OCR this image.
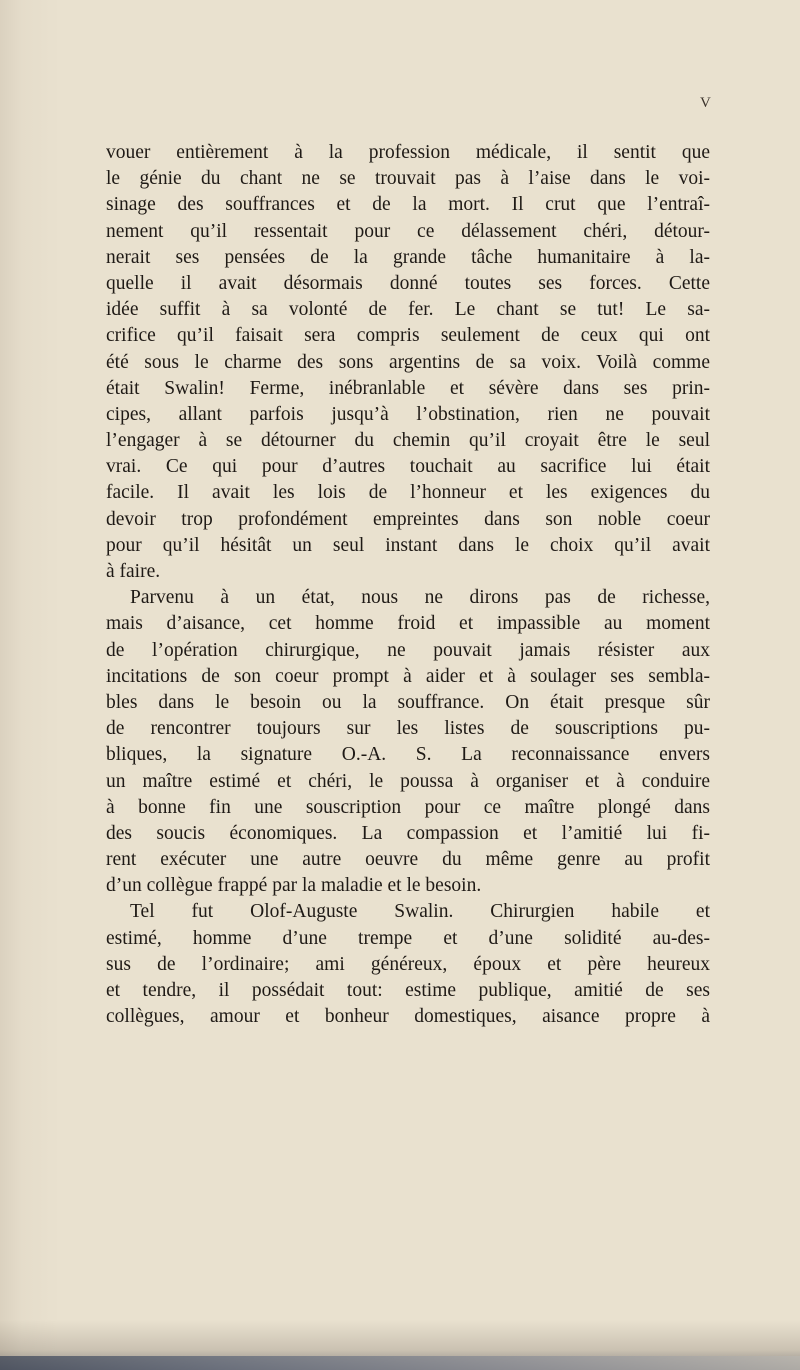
V
vouer entièrement à la profession médicale, il sentit que
le génie du chant ne se trouvait pas à l’aise dans le voi-
sinage des souffrances et de la mort. Il crut que l’entraî-
nement qu’il ressentait pour ce délassement chéri, détour-
nerait ses pensées de la grande tâche humanitaire à la-
quelle il avait désormais donné toutes ses forces. Cette
idée suffit à sa volonté de fer. Le chant se tut! Le sa-
crifice qu’il faisait sera compris seulement de ceux qui ont
été sous le charme des sons argentins de sa voix. Voilà comme
était Swalin! Ferme, inébranlable et sévère dans ses prin-
cipes, allant parfois jusqu’à l’obstination, rien ne pouvait
l’engager à se détourner du chemin qu’il croyait être le seul
vrai. Ce qui pour d’autres touchait au sacrifice lui était
facile. Il avait les lois de l’honneur et les exigences du
devoir trop profondément empreintes dans son noble coeur
pour qu’il hésitât un seul instant dans le choix qu’il avait
à faire.
Parvenu à un état, nous ne dirons pas de richesse,
mais d’aisance, cet homme froid et impassible au moment
de l’opération chirurgique, ne pouvait jamais résister aux
incitations de son coeur prompt à aider et à soulager ses sembla-
bles dans le besoin ou la souffrance. On était presque sûr
de rencontrer toujours sur les listes de souscriptions pu-
bliques, la signature O.-A. S. La reconnaissance envers
un maître estimé et chéri, le poussa à organiser et à conduire
à bonne fin une souscription pour ce maître plongé dans
des soucis économiques. La compassion et l’amitié lui fi-
rent exécuter une autre oeuvre du même genre au profit
d’un collègue frappé par la maladie et le besoin.
Tel fut Olof-Auguste Swalin. Chirurgien habile et
estimé, homme d’une trempe et d’une solidité au-des-
sus de l’ordinaire; ami généreux, époux et père heureux
et tendre, il possédait tout: estime publique, amitié de ses
collègues, amour et bonheur domestiques, aisance propre à
